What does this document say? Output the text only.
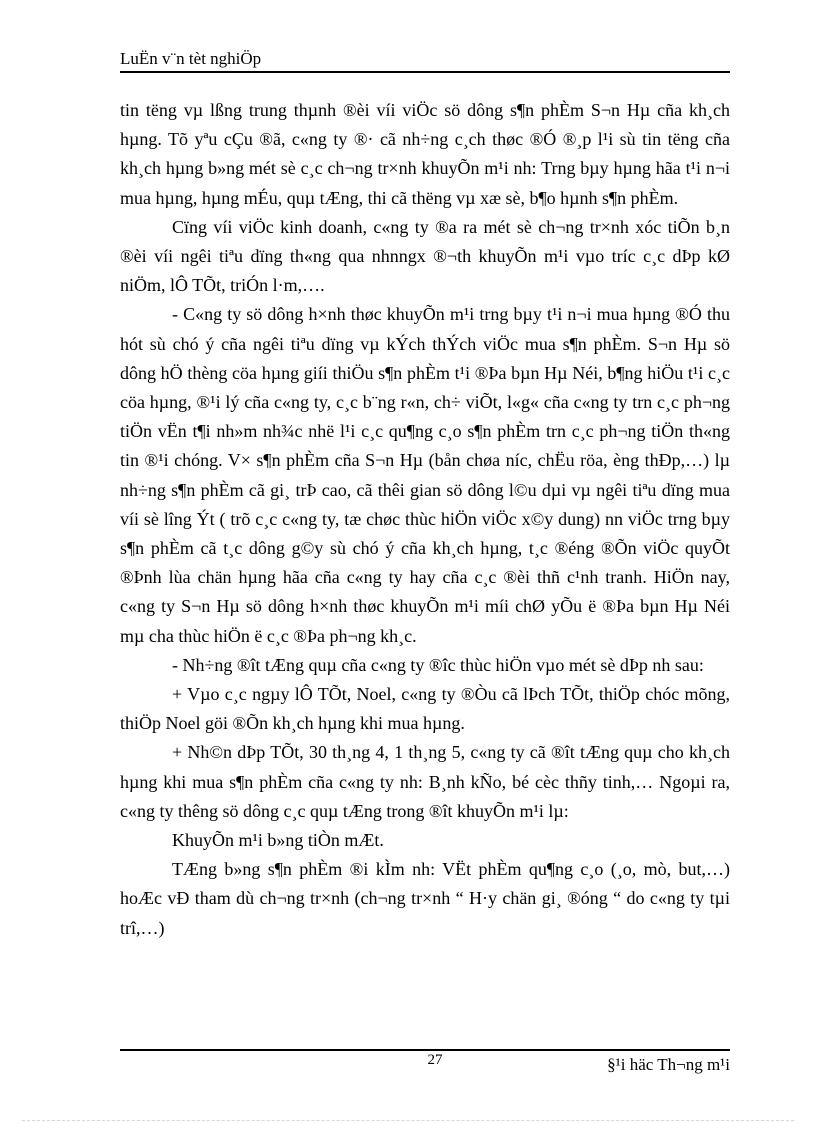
LuËn v¨n tèt nghiÖp

tin tëng vµ lßng trung thµnh ®èi víi viÖc sö dông s¶n phÈm S¬n Hµ cña kh¸ch hµng. Tõ yªu cÇu ®ã, c«ng ty ®· cã nh÷ng c¸ch thøc ®Ó ®¸p l¹i sù tin tëng cña kh¸ch hµng b»ng mét sè c¸c ch¬ng tr×nh khuyÕn m¹i nh: Trng bµy hµng hãa t¹i n¬i mua hµng, hµng mÉu, quµ tÆng, thi cã thëng vµ xæ sè, b¶o hµnh s¶n phÈm.

Cïng víi viÖc kinh doanh, c«ng ty ®a ra mét sè ch¬ng tr×nh xóc tiÕn b¸n ®èi víi ngêi tiªu dïng th«ng qua nhnngx ®¬th khuyÕn m¹i vµo tríc c¸c dÞp kØ niÖm, lÔ TÕt, triÓn l·m,….

- C«ng ty sö dông h×nh thøc khuyÕn m¹i trng bµy t¹i n¬i mua hµng ®Ó thu hót sù chó ý cña ngêi tiªu dïng vµ kÝch thÝch viÖc mua s¶n phÈm. S¬n Hµ sö dông hÖ thèng cöa hµng giíi thiÖu s¶n phÈm t¹i ®Þa bµn Hµ Néi, b¶ng hiÖu t¹i c¸c cöa hµng, ®¹i lý cña c«ng ty, c¸c b¨ng r«n, ch÷ viÕt, l«g« cña c«ng ty trn c¸c ph¬ng tiÖn vËn t¶i nh»m nh¾c nhë l¹i c¸c qu¶ng c¸o s¶n phÈm trn c¸c ph¬ng tiÖn th«ng tin ®¹i chóng. V× s¶n phÈm cña S¬n Hµ (bån chøa níc, chËu röa, èng thÐp,…) lµ nh÷ng s¶n phÈm cã gi¸ trÞ cao, cã thêi gian sö dông l©u dµi vµ ngêi tiªu dïng mua víi sè lîng Ýt ( trõ c¸c c«ng ty, tæ chøc thùc hiÖn viÖc x©y dung) nn viÖc trng bµy s¶n phÈm cã t¸c dông g©y sù chó ý cña kh¸ch hµng, t¸c ®éng ®Õn viÖc quyÕt ®Þnh lùa chän hµng hãa cña c«ng ty hay cña c¸c ®èi thñ c¹nh tranh. HiÖn nay, c«ng ty S¬n Hµ sö dông h×nh thøc khuyÕn m¹i míi chØ yÕu ë ®Þa bµn Hµ Néi mµ cha thùc hiÖn ë c¸c ®Þa ph¬ng kh¸c.

- Nh÷ng ®ît tÆng quµ cña c«ng ty ®îc thùc hiÖn vµo mét sè dÞp nh sau:

+ Vµo c¸c ngµy lÔ TÕt, Noel, c«ng ty ®Òu cã lÞch TÕt, thiÖp chóc mõng, thiÖp Noel göi ®Õn kh¸ch hµng khi mua hµng.

+ Nh©n dÞp TÕt, 30 th¸ng 4, 1 th¸ng 5, c«ng ty cã ®ît tÆng quµ cho kh¸ch hµng khi mua s¶n phÈm cña c«ng ty nh: B¸nh kÑo, bé cèc thñy tinh,… Ngoµi ra, c«ng ty thêng sö dông c¸c quµ tÆng trong ®ît khuyÕn m¹i lµ:

KhuyÕn m¹i b»ng tiÒn mÆt.

TÆng b»ng s¶n phÈm ®i kÌm nh: VËt phÈm qu¶ng c¸o (¸o, mò, but,…) hoÆc vÐ tham dù ch¬ng tr×nh (ch¬ng tr×nh “ H·y chän gi¸ ®óng “ do c«ng ty tµi trî,…)

27	§¹i häc Th¬ng m¹i
